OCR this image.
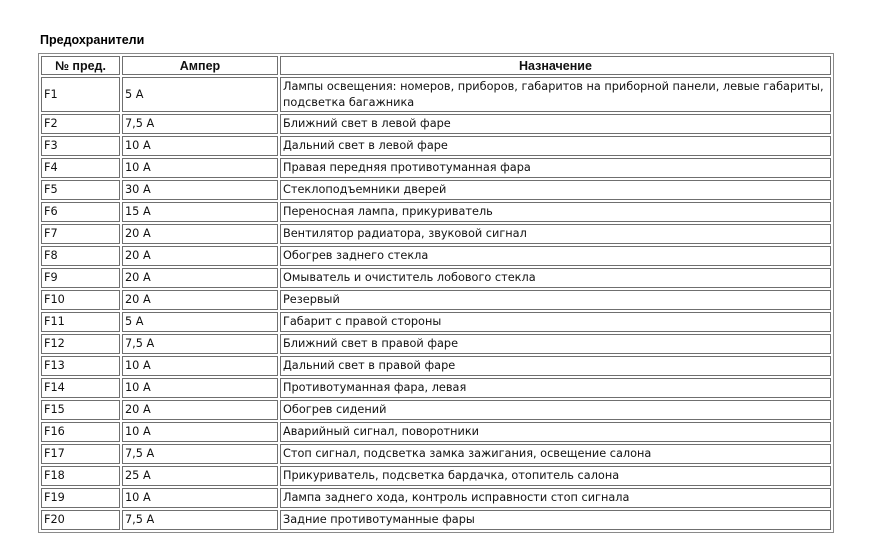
Предохранители
№ пред.	Ампер	Назначение
F1	5 А	Лампы освещения: номеров, приборов, габаритов на приборной панели, левые габариты, подсветка багажника
F2	7,5 А	Ближний свет в левой фаре
F3	10 А	Дальний свет в левой фаре
F4	10 А	Правая передняя противотуманная фара
F5	30 А	Стеклоподъемники дверей
F6	15 А	Переносная лампа, прикуриватель
F7	20 А	Вентилятор радиатора, звуковой сигнал
F8	20 А	Обогрев заднего стекла
F9	20 А	Омыватель и очиститель лобового стекла
F10	20 А	Резервый
F11	5 А	Габарит с правой стороны
F12	7,5 А	Ближний свет в правой фаре
F13	10 А	Дальний свет в правой фаре
F14	10 А	Противотуманная фара, левая
F15	20 А	Обогрев сидений
F16	10 А	Аварийный сигнал, поворотники
F17	7,5 А	Стоп сигнал, подсветка замка зажигания, освещение салона
F18	25 А	Прикуриватель, подсветка бардачка, отопитель салона
F19	10 А	Лампа заднего хода, контроль исправности стоп сигнала
F20	7,5 А	Задние противотуманные фары
